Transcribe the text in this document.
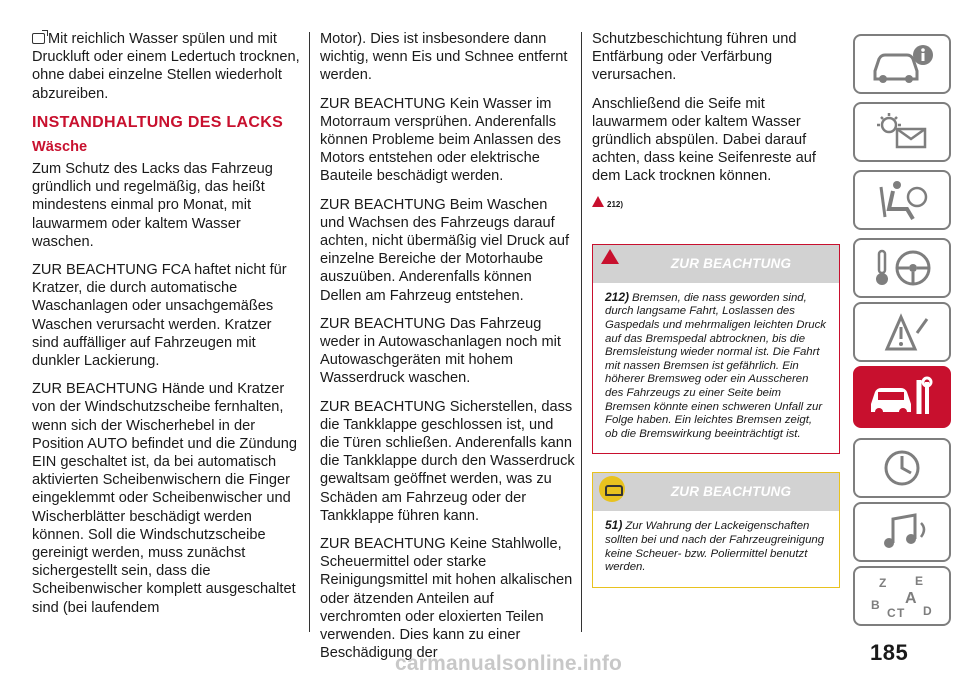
Mit reichlich Wasser spülen und mit Druckluft oder einem Ledertuch trocknen, ohne dabei einzelne Stellen wiederholt abzureiben.

INSTANDHALTUNG DES LACKS
Wäsche

Zum Schutz des Lacks das Fahrzeug gründlich und regelmäßig, das heißt mindestens einmal pro Monat, mit lauwarmem oder kaltem Wasser waschen.

ZUR BEACHTUNG FCA haftet nicht für Kratzer, die durch automatische Waschanlagen oder unsachgemäßes Waschen verursacht werden. Kratzer sind auffälliger auf Fahrzeugen mit dunkler Lackierung.

ZUR BEACHTUNG Hände und Kratzer von der Windschutzscheibe fernhalten, wenn sich der Wischerhebel in der Position AUTO befindet und die Zündung EIN geschaltet ist, da bei automatisch aktivierten Scheibenwischern die Finger eingeklemmt oder Scheibenwischer und Wischerblätter beschädigt werden können. Soll die Windschutzscheibe gereinigt werden, muss zunächst sichergestellt sein, dass die Scheibenwischer komplett ausgeschaltet sind (bei laufendem

Motor). Dies ist insbesondere dann wichtig, wenn Eis und Schnee entfernt werden.

ZUR BEACHTUNG Kein Wasser im Motorraum versprühen. Anderenfalls können Probleme beim Anlassen des Motors entstehen oder elektrische Bauteile beschädigt werden.

ZUR BEACHTUNG Beim Waschen und Wachsen des Fahrzeugs darauf achten, nicht übermäßig viel Druck auf einzelne Bereiche der Motorhaube auszuüben. Anderenfalls können Dellen am Fahrzeug entstehen.

ZUR BEACHTUNG Das Fahrzeug weder in Autowaschanlagen noch mit Autowaschgeräten mit hohem Wasserdruck waschen.

ZUR BEACHTUNG Sicherstellen, dass die Tankklappe geschlossen ist, und die Türen schließen. Anderenfalls kann die Tankklappe durch den Wasserdruck gewaltsam geöffnet werden, was zu Schäden am Fahrzeug oder der Tankklappe führen kann.

ZUR BEACHTUNG Keine Stahlwolle, Scheuermittel oder starke Reinigungsmittel mit hohen alkalischen oder ätzenden Anteilen auf verchromten oder eloxierten Teilen verwenden. Dies kann zu einer Beschädigung der

Schutzbeschichtung führen und Entfärbung oder Verfärbung verursachen.

Anschließend die Seife mit lauwarmem oder kaltem Wasser gründlich abspülen. Dabei darauf achten, dass keine Seifenreste auf dem Lack trocknen können.

212)
ZUR BEACHTUNG
212) Bremsen, die nass geworden sind, durch langsame Fahrt, Loslassen des Gaspedals und mehrmaligen leichten Druck auf das Bremspedal abtrocknen, bis die Bremsleistung wieder normal ist. Die Fahrt mit nassen Bremsen ist gefährlich. Ein höherer Bremsweg oder ein Ausscheren des Fahrzeugs zu einer Seite beim Bremsen könnte einen schweren Unfall zur Folge haben. Ein leichtes Bremsen zeigt, ob die Bremswirkung beeinträchtigt ist.
ZUR BEACHTUNG
51) Zur Wahrung der Lackeigenschaften sollten bei und nach der Fahrzeugreinigung keine Scheuer- bzw. Poliermittel benutzt werden.
Z E
A
B
C T D
185
carmanualsonline.info
